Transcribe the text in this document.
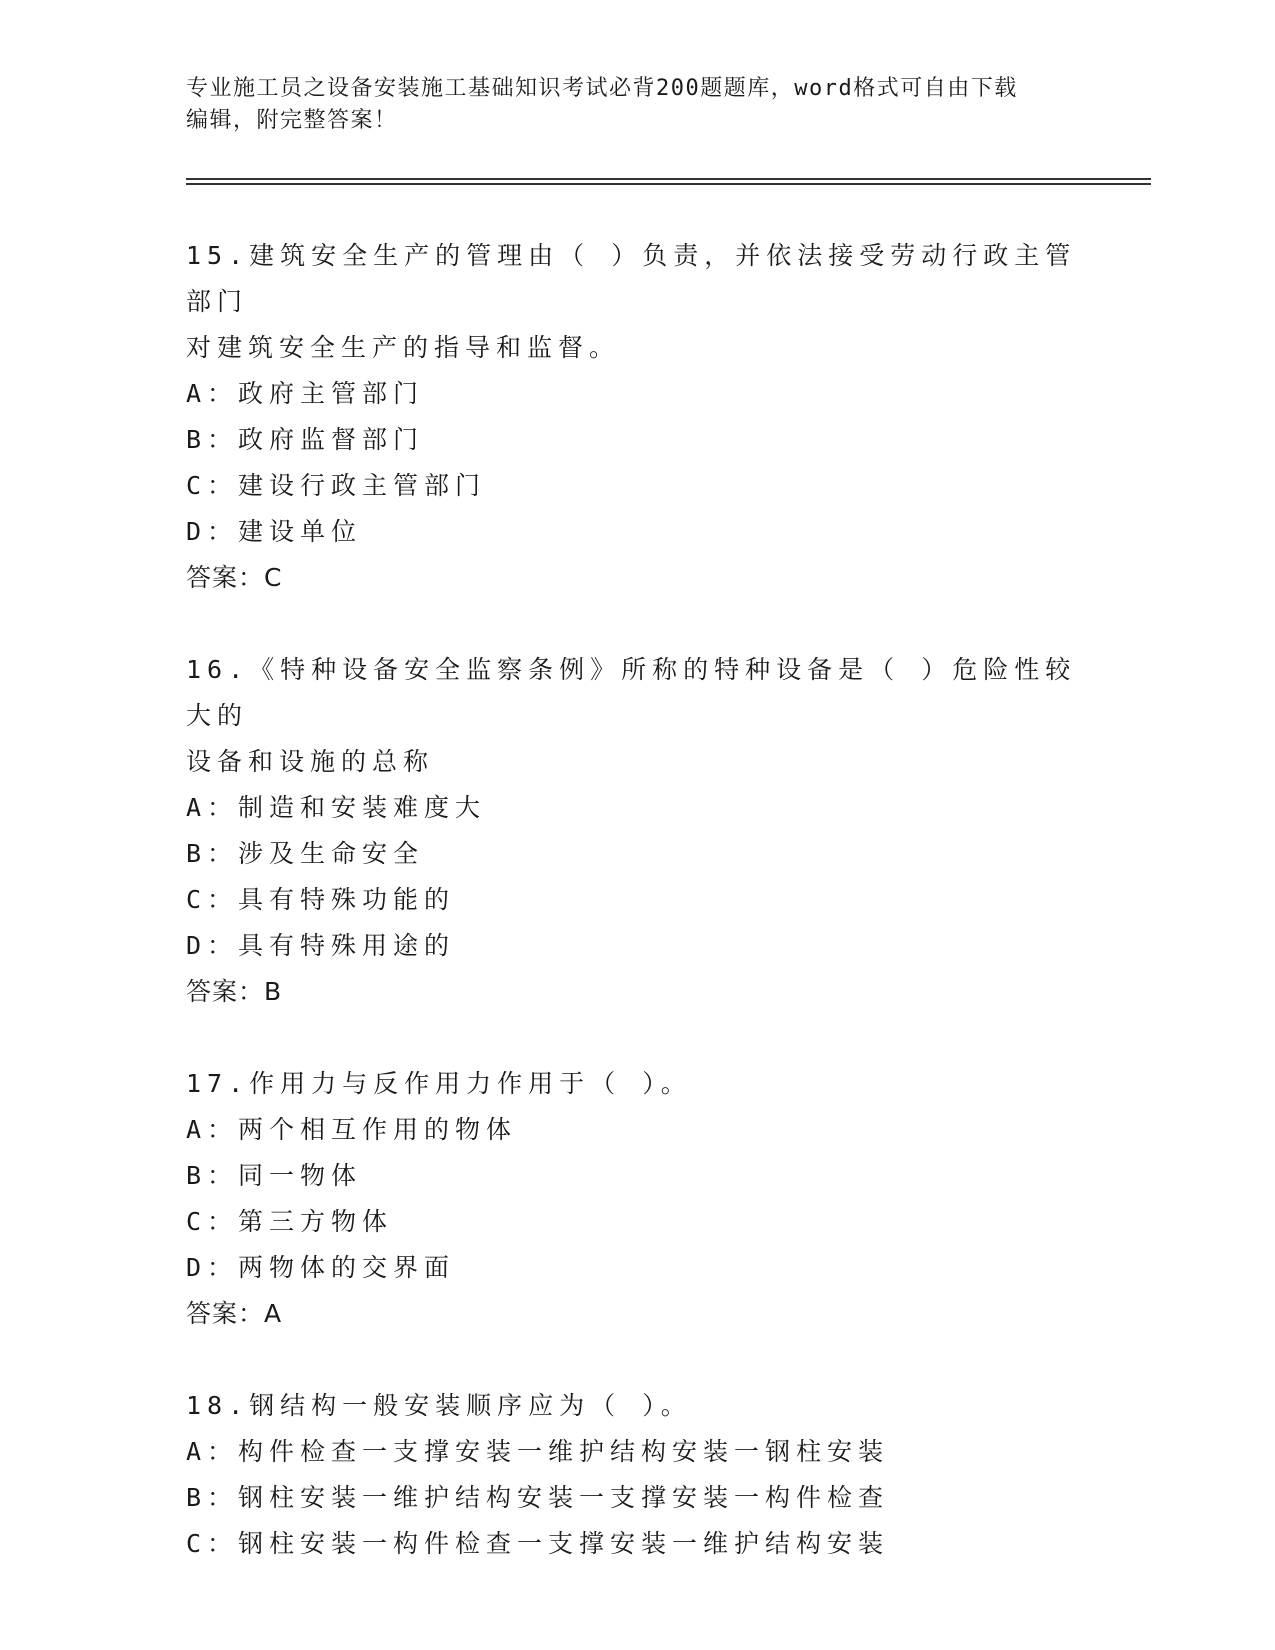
专业施工员之设备安装施工基础知识考试必背200题题库，word格式可自由下载
编辑，附完整答案！
15.建筑安全生产的管理由（ ）负责，并依法接受劳动行政主管部门
对建筑安全生产的指导和监督。
A：政府主管部门
B：政府监督部门
C：建设行政主管部门
D：建设单位
答案：C
16.《特种设备安全监察条例》所称的特种设备是（ ）危险性较大的
设备和设施的总称
A：制造和安装难度大
B：涉及生命安全
C：具有特殊功能的
D：具有特殊用途的
答案：B
17.作用力与反作用力作用于（ ）。
A：两个相互作用的物体
B：同一物体
C：第三方物体
D：两物体的交界面
答案：A
18.钢结构一般安装顺序应为（ ）。
A：构件检查一支撑安装一维护结构安装一钢柱安装
B：钢柱安装一维护结构安装一支撑安装一构件检查
C：钢柱安装一构件检查一支撑安装一维护结构安装
